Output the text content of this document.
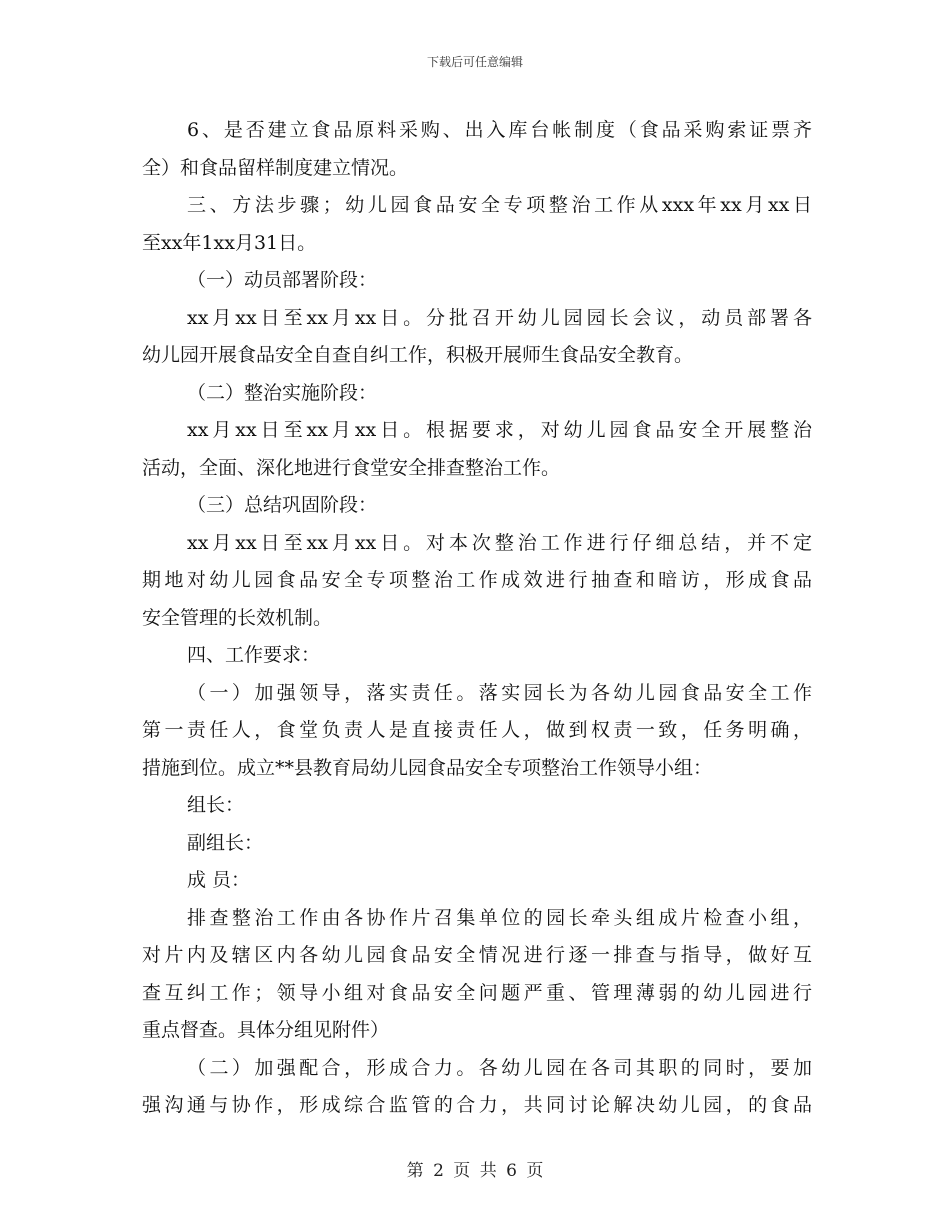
下载后可任意编辑
6、是否建立食品原料采购、出入库台帐制度（食品采购索证票齐
全）和食品留样制度建立情况。
三、方法步骤；幼儿园食品安全专项整治工作从xxx年xx月xx日
至xx年1xx月31日。
（一）动员部署阶段：
xx月xx日至xx月xx日。分批召开幼儿园园长会议，动员部署各
幼儿园开展食品安全自查自纠工作，积极开展师生食品安全教育。
（二）整治实施阶段：
xx月xx日至xx月xx日。根据要求，对幼儿园食品安全开展整治
活动，全面、深化地进行食堂安全排查整治工作。
（三）总结巩固阶段：
xx月xx日至xx月xx日。对本次整治工作进行仔细总结，并不定
期地对幼儿园食品安全专项整治工作成效进行抽查和暗访，形成食品
安全管理的长效机制。
四、工作要求：
（一）加强领导，落实责任。落实园长为各幼儿园食品安全工作
第一责任人，食堂负责人是直接责任人，做到权责一致，任务明确，
措施到位。成立**县教育局幼儿园食品安全专项整治工作领导小组：
组长：
副组长：
成 员：
排查整治工作由各协作片召集单位的园长牵头组成片检查小组，
对片内及辖区内各幼儿园食品安全情况进行逐一排查与指导，做好互
查互纠工作；领导小组对食品安全问题严重、管理薄弱的幼儿园进行
重点督查。具体分组见附件）
（二）加强配合，形成合力。各幼儿园在各司其职的同时，要加
强沟通与协作，形成综合监管的合力，共同讨论解决幼儿园，的食品
第 2 页 共 6 页
